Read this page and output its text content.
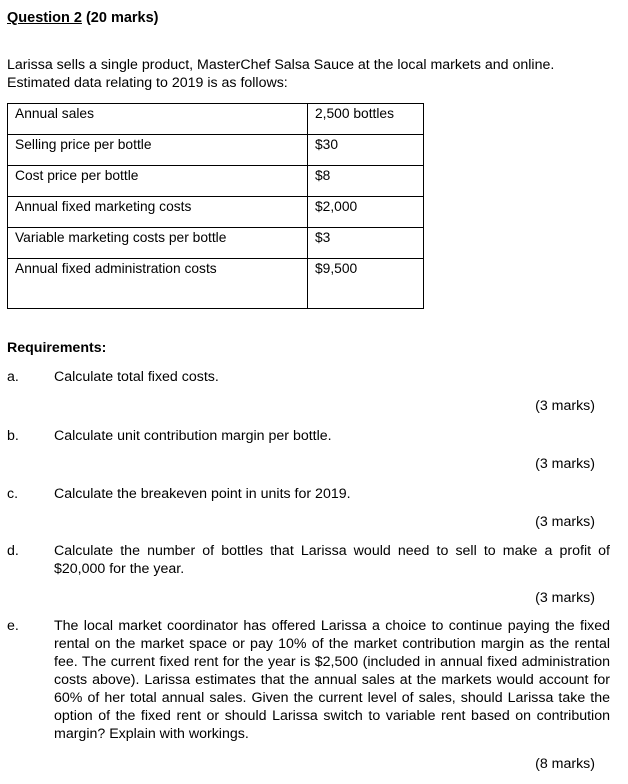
Question 2 (20 marks)

Larissa sells a single product, MasterChef Salsa Sauce at the local markets and online.

Estimated data relating to 2019 is as follows:

Annual sales	2,500 bottles
Selling price per bottle	$30
Cost price per bottle	$8
Annual fixed marketing costs	$2,000
Variable marketing costs per bottle	$3
Annual fixed administration costs	$9,500
Requirements:
a.	Calculate total fixed costs.
(3 marks)
b.	Calculate unit contribution margin per bottle.
(3 marks)
c.	Calculate the breakeven point in units for 2019.
(3 marks)
d.	Calculate the number of bottles that Larissa would need to sell to make a profit of $20,000 for the year.
(3 marks)
e.	The local market coordinator has offered Larissa a choice to continue paying the fixed rental on the market space or pay 10% of the market contribution margin as the rental fee. The current fixed rent for the year is $2,500 (included in annual fixed administration costs above). Larissa estimates that the annual sales at the markets would account for 60% of her total annual sales. Given the current level of sales, should Larissa take the option of the fixed rent or should Larissa switch to variable rent based on contribution margin? Explain with workings.
(8 marks)
